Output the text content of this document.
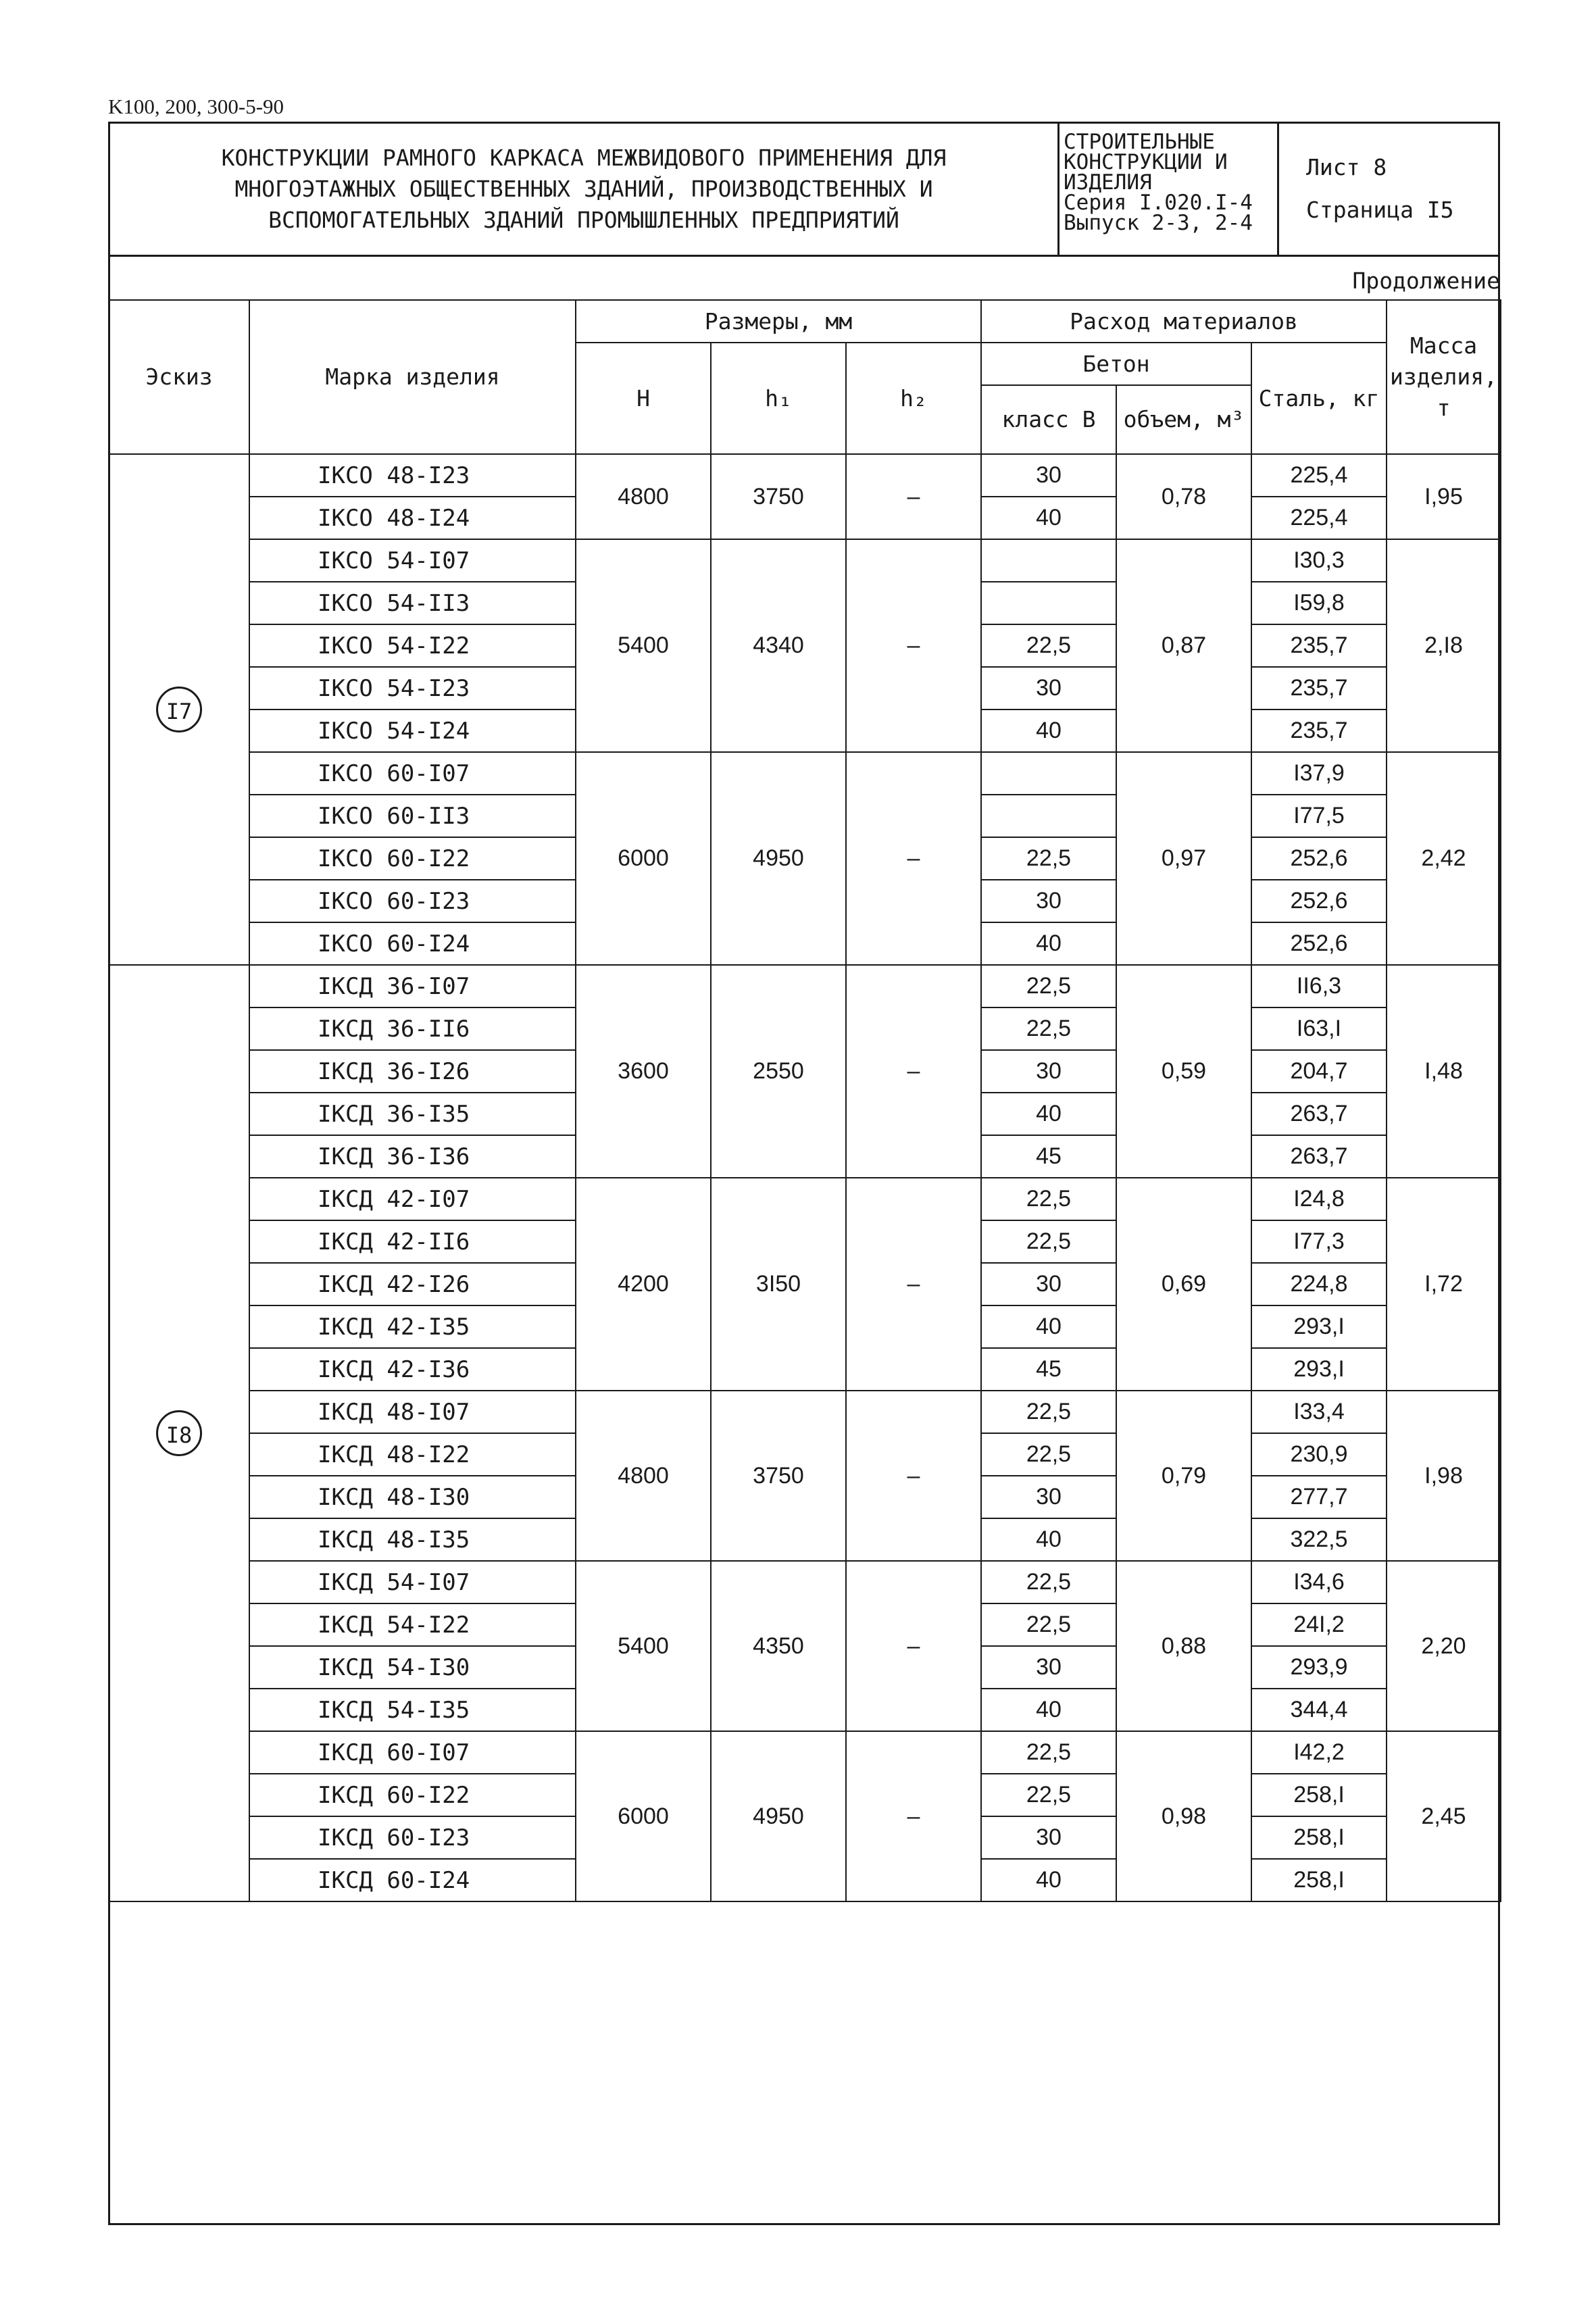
K100, 200, 300-5-90
КОНСТРУКЦИИ РАМНОГО КАРКАСА МЕЖВИДОВОГО ПРИМЕНЕНИЯ ДЛЯ
МНОГОЭТАЖНЫХ ОБЩЕСТВЕННЫХ ЗДАНИЙ, ПРОИЗВОДСТВЕННЫХ И
ВСПОМОГАТЕЛЬНЫХ ЗДАНИЙ ПРОМЫШЛЕННЫХ ПРЕДПРИЯТИЙ
СТРОИТЕЛЬНЫЕ
КОНСТРУКЦИИ И
ИЗДЕЛИЯ
Серия I.020.I-4
Выпуск 2-3, 2-4
Лист 8
Страница I5
Продолжение
Эскиз	Марка изделия	Размеры, мм			Расход материалов			Масса изделия, т
		H	h₁	h₂	Бетон		Сталь, кг	
					класс В	объем, м³		
I7	IКСО 48-I23	4800	3750	–	30	0,78	225,4	I,95
	IКСО 48-I24				40		225,4	
	IКСО 54-I07	5400	4340	–		0,87	I30,3	2,I8
	IКСО 54-II3						I59,8	
	IКСО 54-I22				22,5		235,7	
	IКСО 54-I23				30		235,7	
	IКСО 54-I24				40		235,7	
	IКСО 60-I07	6000	4950	–		0,97	I37,9	2,42
	IКСО 60-II3						I77,5	
	IКСО 60-I22				22,5		252,6	
	IКСО 60-I23				30		252,6	
	IКСО 60-I24				40		252,6	
I8	IКСД 36-I07	3600	2550	–	22,5	0,59	II6,3	I,48
	IКСД 36-II6				22,5		I63,I	
	IКСД 36-I26				30		204,7	
	IКСД 36-I35				40		263,7	
	IКСД 36-I36				45		263,7	
	IКСД 42-I07	4200	3I50	–	22,5	0,69	I24,8	I,72
	IКСД 42-II6				22,5		I77,3	
	IКСД 42-I26				30		224,8	
	IКСД 42-I35				40		293,I	
	IКСД 42-I36				45		293,I	
	IКСД 48-I07	4800	3750	–	22,5	0,79	I33,4	I,98
	IКСД 48-I22				22,5		230,9	
	IКСД 48-I30				30		277,7	
	IКСД 48-I35				40		322,5	
	IКСД 54-I07	5400	4350	–	22,5	0,88	I34,6	2,20
	IКСД 54-I22				22,5		24I,2	
	IКСД 54-I30				30		293,9	
	IКСД 54-I35				40		344,4	
	IКСД 60-I07	6000	4950	–	22,5	0,98	I42,2	2,45
	IКСД 60-I22				22,5		258,I	
	IКСД 60-I23				30		258,I	
	IКСД 60-I24				40		258,I	
